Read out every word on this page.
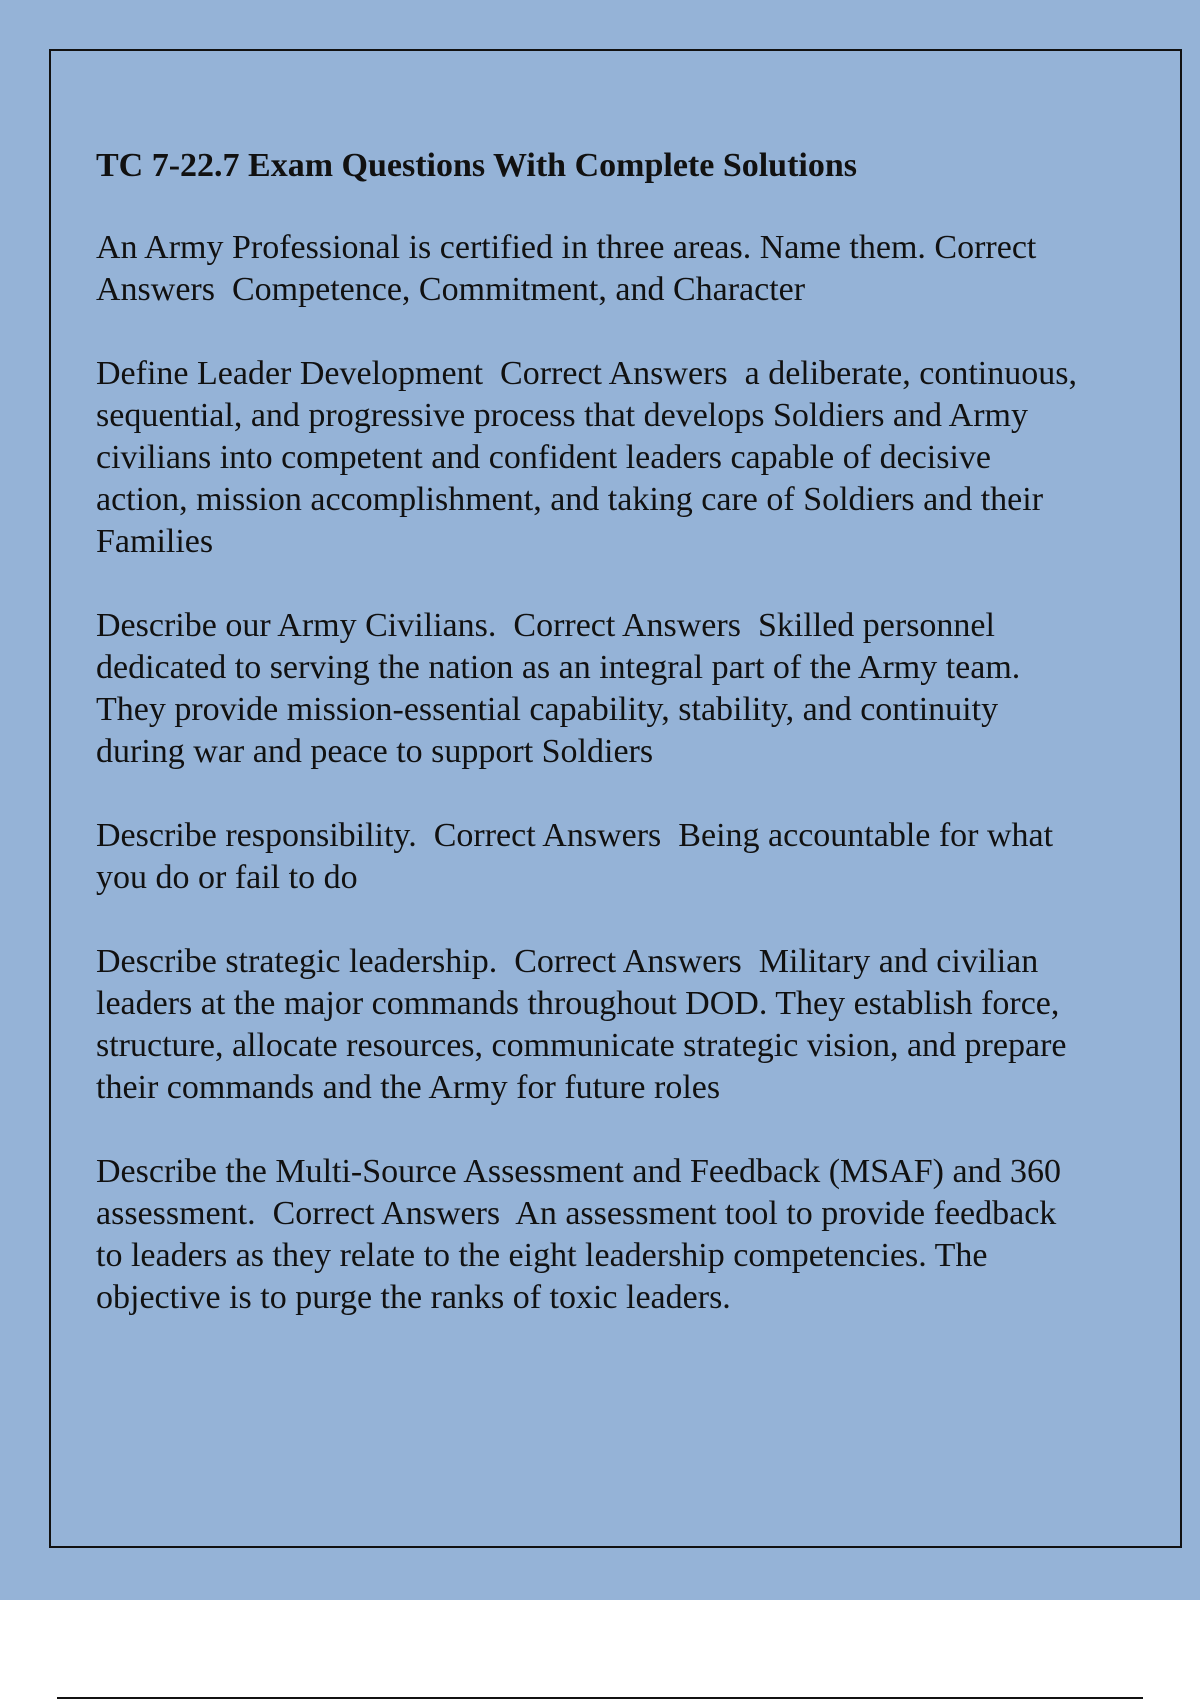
TC 7-22.7 Exam Questions With Complete Solutions
An Army Professional is certified in three areas. Name them. Correct Answers Competence, Commitment, and Character
Define Leader Development Correct Answers a deliberate, continuous, sequential, and progressive process that develops Soldiers and Army civilians into competent and confident leaders capable of decisive action, mission accomplishment, and taking care of Soldiers and their Families
Describe our Army Civilians. Correct Answers Skilled personnel dedicated to serving the nation as an integral part of the Army team. They provide mission-essential capability, stability, and continuity during war and peace to support Soldiers
Describe responsibility. Correct Answers Being accountable for what you do or fail to do
Describe strategic leadership. Correct Answers Military and civilian leaders at the major commands throughout DOD. They establish force, structure, allocate resources, communicate strategic vision, and prepare their commands and the Army for future roles
Describe the Multi-Source Assessment and Feedback (MSAF) and 360 assessment. Correct Answers An assessment tool to provide feedback to leaders as they relate to the eight leadership competencies. The objective is to purge the ranks of toxic leaders.
